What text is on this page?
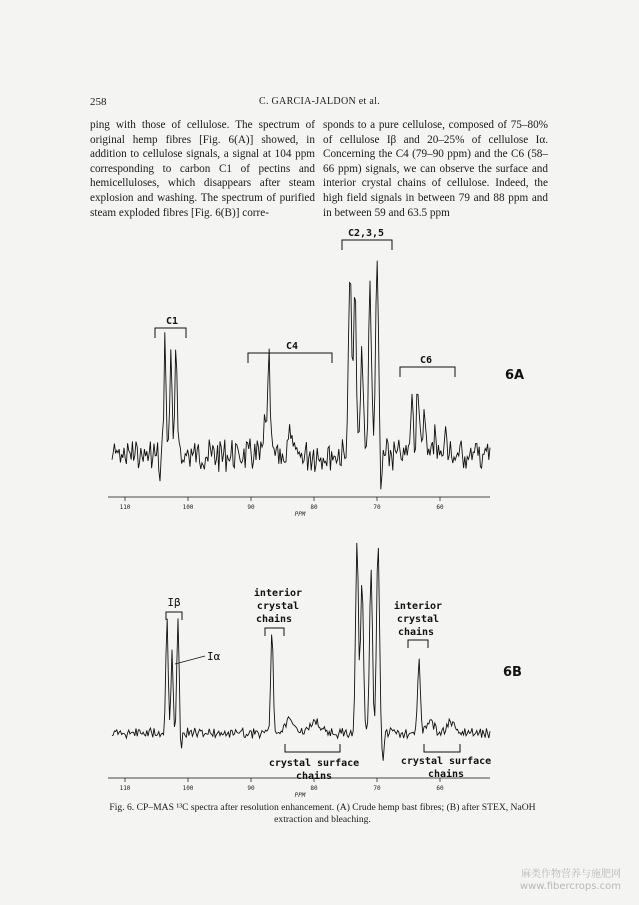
258	C. GARCIA-JALDON et al.

ping with those of cellulose. The spectrum of original hemp fibres [Fig. 6(A)] showed, in addition to cellulose signals, a signal at 104 ppm corresponding to carbon C1 of pectins and hemicelluloses, which disappears after steam explosion and washing. The spectrum of purified steam exploded fibres [Fig. 6(B)] corre-

sponds to a pure cellulose, composed of 75–80% of cellulose Iβ and 20–25% of cellulose Iα. Concerning the C4 (79–90 ppm) and the C6 (58–66 ppm) signals, we can observe the surface and interior crystal chains of cellulose. Indeed, the high field signals in between 79 and 88 ppm and in between 59 and 63.5 ppm

110	100	90	80	70	60
PPM
C1
C4
C2,3,5
C6
6A
110	100	90	80	70	60
PPM
Iβ
Iα
interior
crystal
chains
interior
crystal
chains
crystal surface
chains
crystal surface
chains
6B
Fig. 6. CP–MAS ¹³C spectra after resolution enhancement. (A) Crude hemp bast fibres; (B) after STEX, NaOH extraction and bleaching.
麻类作物营养与施肥网
www.fibercrops.com
